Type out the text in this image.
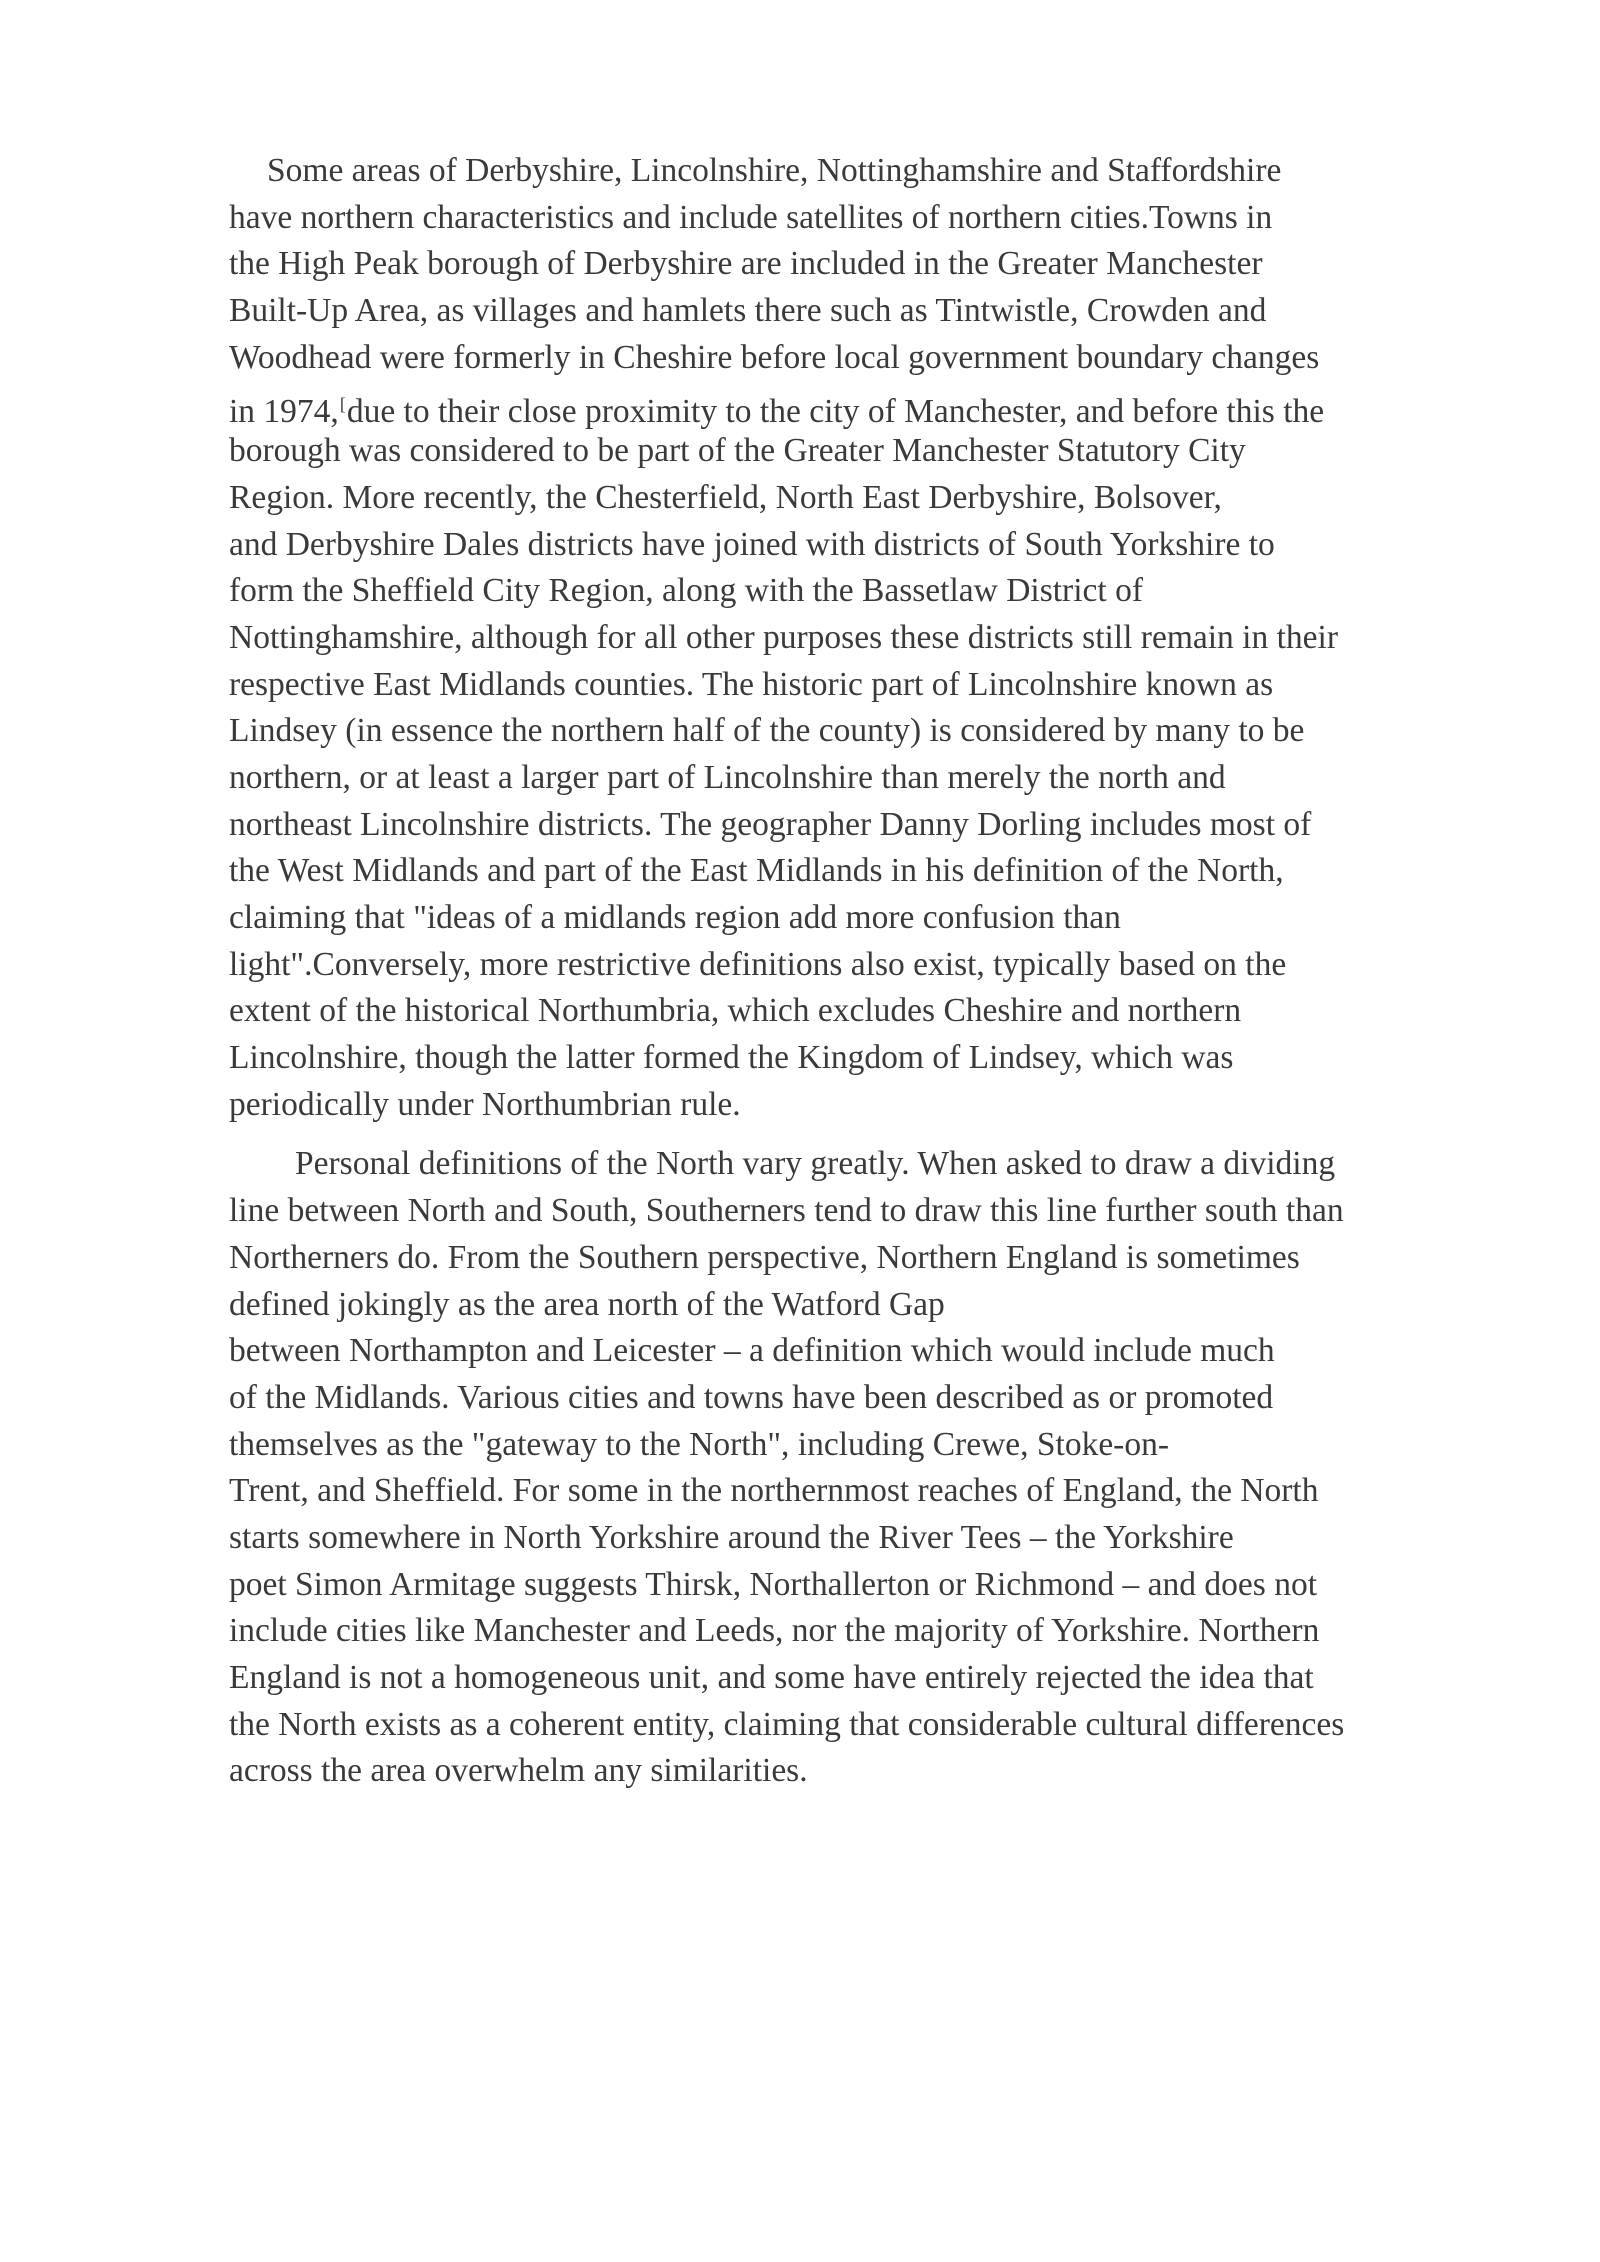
Some areas of Derbyshire, Lincolnshire, Nottinghamshire and Staffordshire
have northern characteristics and include satellites of northern cities.Towns in
the High Peak borough of Derbyshire are included in the Greater Manchester
Built-Up Area, as villages and hamlets there such as Tintwistle, Crowden and
Woodhead were formerly in Cheshire before local government boundary changes
in 1974,[due to their close proximity to the city of Manchester, and before this the
borough was considered to be part of the Greater Manchester Statutory City
Region. More recently, the Chesterfield, North East Derbyshire, Bolsover,
and Derbyshire Dales districts have joined with districts of South Yorkshire to
form the Sheffield City Region, along with the Bassetlaw District of
Nottinghamshire, although for all other purposes these districts still remain in their
respective East Midlands counties. The historic part of Lincolnshire known as
Lindsey (in essence the northern half of the county) is considered by many to be
northern, or at least a larger part of Lincolnshire than merely the north and
northeast Lincolnshire districts. The geographer Danny Dorling includes most of
the West Midlands and part of the East Midlands in his definition of the North,
claiming that "ideas of a midlands region add more confusion than
light".Conversely, more restrictive definitions also exist, typically based on the
extent of the historical Northumbria, which excludes Cheshire and northern
Lincolnshire, though the latter formed the Kingdom of Lindsey, which was
periodically under Northumbrian rule.

Personal definitions of the North vary greatly. When asked to draw a dividing
line between North and South, Southerners tend to draw this line further south than
Northerners do. From the Southern perspective, Northern England is sometimes
defined jokingly as the area north of the Watford Gap
between Northampton and Leicester – a definition which would include much
of the Midlands. Various cities and towns have been described as or promoted
themselves as the "gateway to the North", including Crewe, Stoke-on-
Trent, and Sheffield. For some in the northernmost reaches of England, the North
starts somewhere in North Yorkshire around the River Tees – the Yorkshire
poet Simon Armitage suggests Thirsk, Northallerton or Richmond – and does not
include cities like Manchester and Leeds, nor the majority of Yorkshire. Northern
England is not a homogeneous unit, and some have entirely rejected the idea that
the North exists as a coherent entity, claiming that considerable cultural differences
across the area overwhelm any similarities.
